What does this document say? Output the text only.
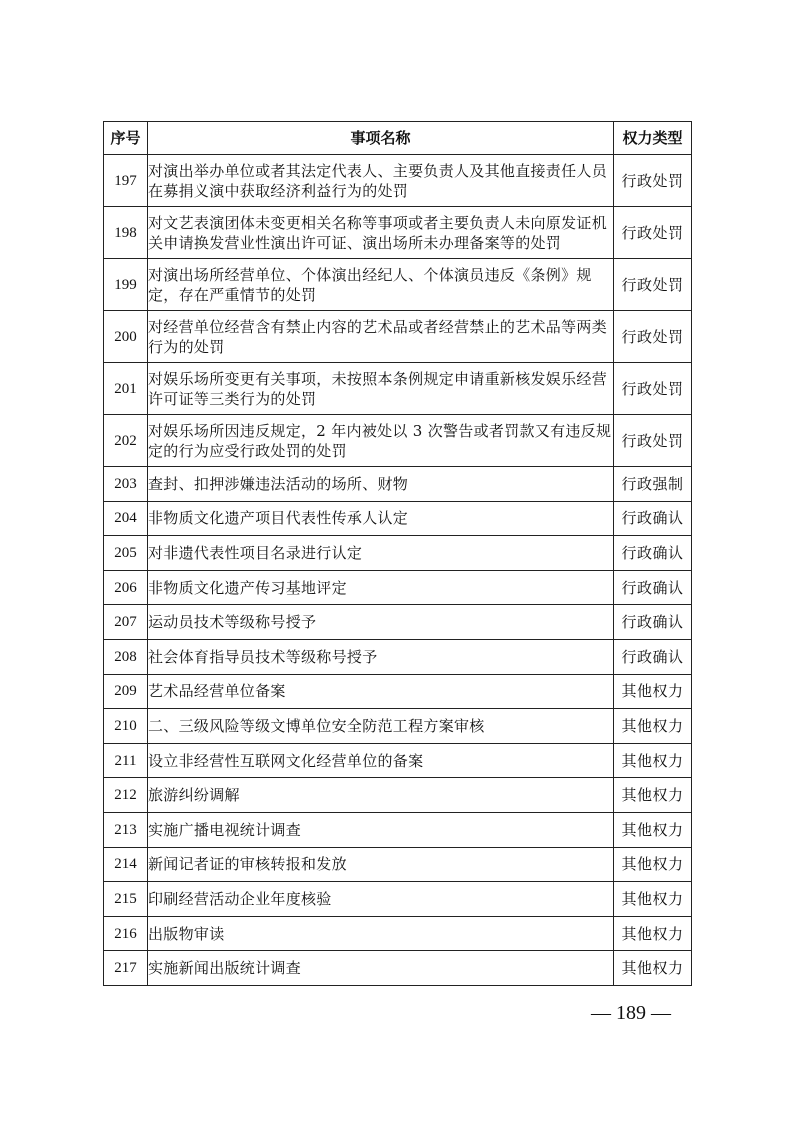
序号	事项名称	权力类型
197	对演出举办单位或者其法定代表人、主要负责人及其他直接责任人员在募捐义演中获取经济利益行为的处罚	行政处罚
198	对文艺表演团体未变更相关名称等事项或者主要负责人未向原发证机关申请换发营业性演出许可证、演出场所未办理备案等的处罚	行政处罚
199	对演出场所经营单位、个体演出经纪人、个体演员违反《条例》规定，存在严重情节的处罚	行政处罚
200	对经营单位经营含有禁止内容的艺术品或者经营禁止的艺术品等两类行为的处罚	行政处罚
201	对娱乐场所变更有关事项，未按照本条例规定申请重新核发娱乐经营许可证等三类行为的处罚	行政处罚
202	对娱乐场所因违反规定，2 年内被处以 3 次警告或者罚款又有违反规定的行为应受行政处罚的处罚	行政处罚
203	查封、扣押涉嫌违法活动的场所、财物	行政强制
204	非物质文化遗产项目代表性传承人认定	行政确认
205	对非遗代表性项目名录进行认定	行政确认
206	非物质文化遗产传习基地评定	行政确认
207	运动员技术等级称号授予	行政确认
208	社会体育指导员技术等级称号授予	行政确认
209	艺术品经营单位备案	其他权力
210	二、三级风险等级文博单位安全防范工程方案审核	其他权力
211	设立非经营性互联网文化经营单位的备案	其他权力
212	旅游纠纷调解	其他权力
213	实施广播电视统计调查	其他权力
214	新闻记者证的审核转报和发放	其他权力
215	印刷经营活动企业年度核验	其他权力
216	出版物审读	其他权力
217	实施新闻出版统计调查	其他权力
— 189 —
